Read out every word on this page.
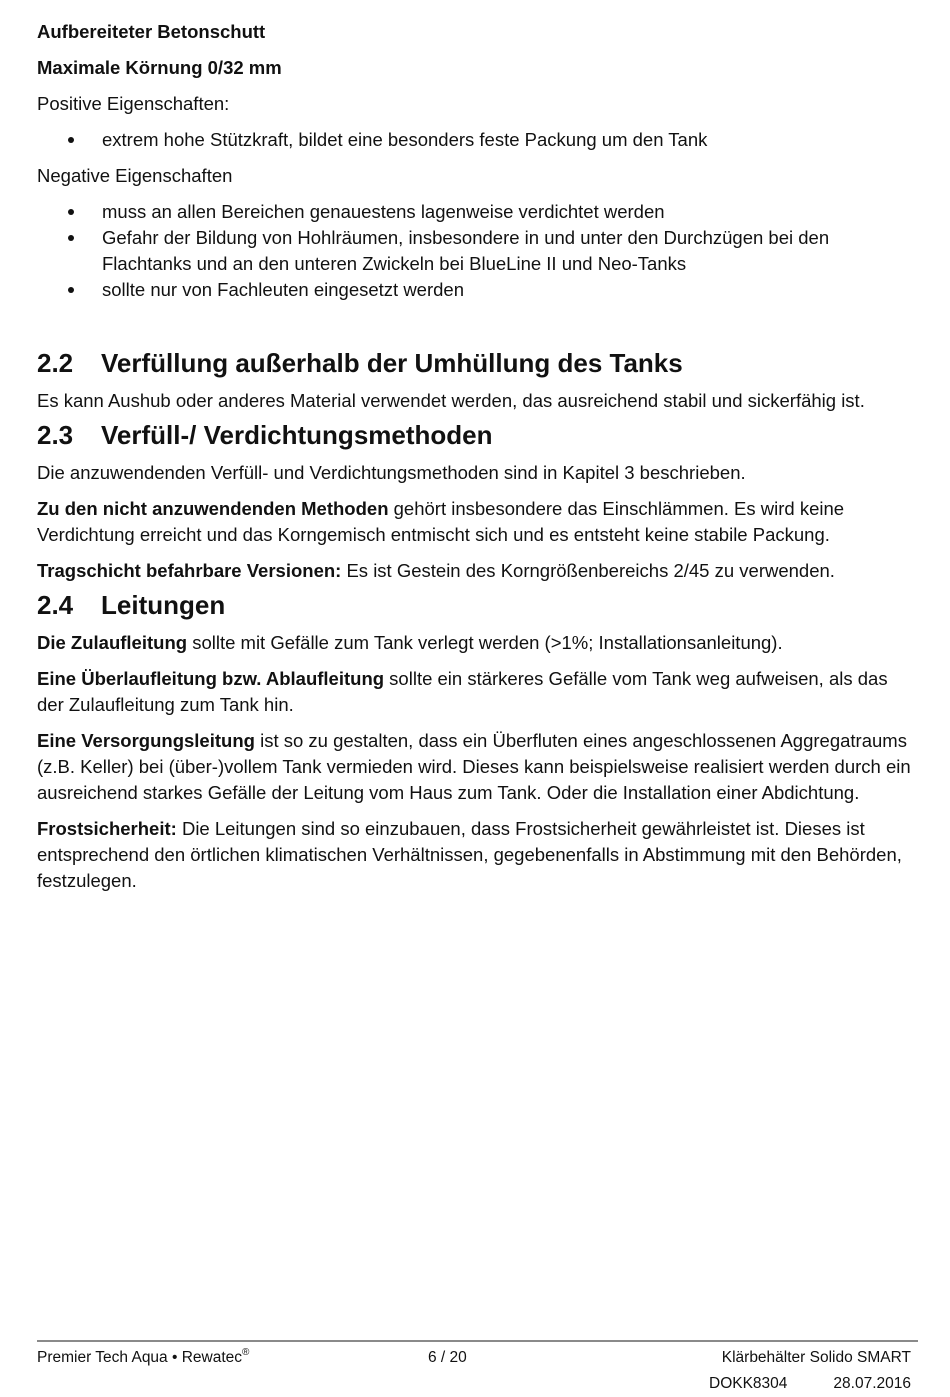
Aufbereiteter Betonschutt

Maximale Körnung 0/32 mm

Positive Eigenschaften:

extrem hohe Stützkraft, bildet eine besonders feste Packung um den Tank

Negative Eigenschaften

muss an allen Bereichen genauestens lagenweise verdichtet werden
Gefahr der Bildung von Hohlräumen, insbesondere in und unter den Durchzügen bei den Flachtanks und an den unteren Zwickeln bei BlueLine II und Neo-Tanks
sollte nur von Fachleuten eingesetzt werden
2.2	Verfüllung außerhalb der Umhüllung des Tanks

Es kann Aushub oder anderes Material verwendet werden, das ausreichend stabil und sickerfähig ist.

2.3	Verfüll-/ Verdichtungsmethoden

Die anzuwendenden Verfüll- und Verdichtungsmethoden sind in Kapitel 3 beschrieben.

Zu den nicht anzuwendenden Methoden gehört insbesondere das Einschlämmen. Es wird keine Verdichtung erreicht und das Korngemisch entmischt sich und es entsteht keine stabile Packung.

Tragschicht befahrbare Versionen: Es ist Gestein des Korngrößenbereichs 2/45 zu verwenden.

2.4	Leitungen

Die Zulaufleitung sollte mit Gefälle zum Tank verlegt werden (>1%; Installationsanleitung).

Eine Überlaufleitung bzw. Ablaufleitung sollte ein stärkeres Gefälle vom Tank weg aufweisen, als das der Zulaufleitung zum Tank hin.

Eine Versorgungsleitung ist so zu gestalten, dass ein Überfluten eines angeschlossenen Aggregatraums (z.B. Keller) bei (über-)vollem Tank vermieden wird. Dieses kann beispielsweise realisiert werden durch ein ausreichend starkes Gefälle der Leitung vom Haus zum Tank. Oder die Installation einer Abdichtung.

Frostsicherheit: Die Leitungen sind so einzubauen, dass Frostsicherheit gewährleistet ist. Dieses ist entsprechend den örtlichen klimatischen Verhältnissen, gegebenenfalls in Abstimmung mit den Behörden, festzulegen.

Premier Tech Aqua • Rewatec®	6 / 20	Klärbehälter Solido SMART
DOKK8304	28.07.2016
